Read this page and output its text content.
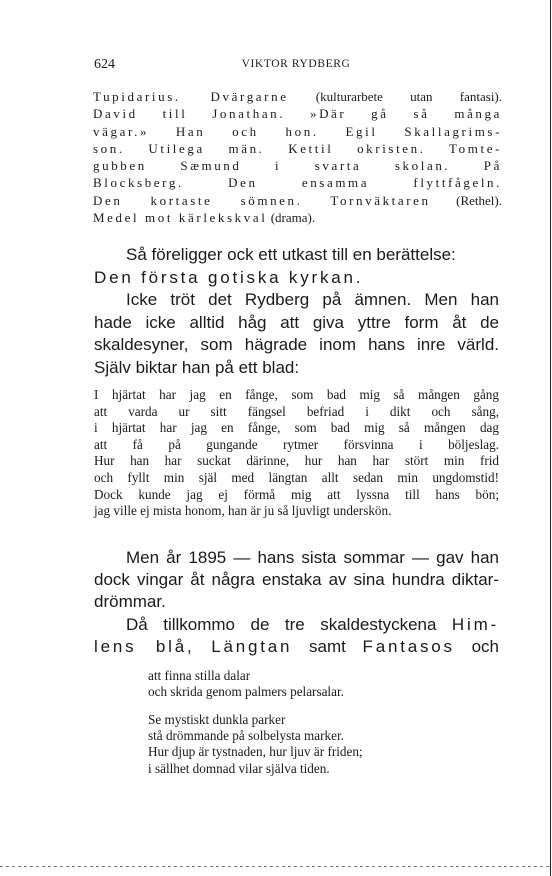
624	VIKTOR RYDBERG
Tupidarius. Dvärgarne (kulturarbete utan fantasi).
David till Jonathan. »Där gå så många
vägar.» Han och hon. Egil Skallagrims-
son. Utilega män. Kettil okristen. Tomte-
gubben Sæmund i svarta skolan. På
Blocksberg. Den ensamma flyttfågeln.
Den kortaste sömnen. Tornväktaren (Rethel).
Medel mot kärlekskval (drama).
Så föreligger ock ett utkast till en berättelse:
Den första gotiska kyrkan.
Icke tröt det Rydberg på ämnen. Men han
hade icke alltid håg att giva yttre form åt de
skaldesyner, som hägrade inom hans inre värld.
Själv biktar han på ett blad:
I hjärtat har jag en fånge, som bad mig så mången gång
att varda ur sitt fängsel befriad i dikt och sång,
i hjärtat har jag en fånge, som bad mig så mången dag
att få på gungande rytmer försvinna i böljeslag.
Hur han har suckat därinne, hur han har stört min frid
och fyllt min själ med längtan allt sedan min ungdomstid!
Dock kunde jag ej förmå mig att lyssna till hans bön;
jag ville ej mista honom, han är ju så ljuvligt underskön.
Men år 1895 — hans sista sommar — gav han
dock vingar åt några enstaka av sina hundra diktar-
drömmar.
Då tillkommo de tre skaldestyckena Him-
lens blå, Längtan samt Fantasos och
att finna stilla dalar
och skrida genom palmers pelarsalar.
Se mystiskt dunkla parker
stå drömmande på solbelysta marker.
Hur djup är tystnaden, hur ljuv är friden;
i sällhet domnad vilar själva tiden.
